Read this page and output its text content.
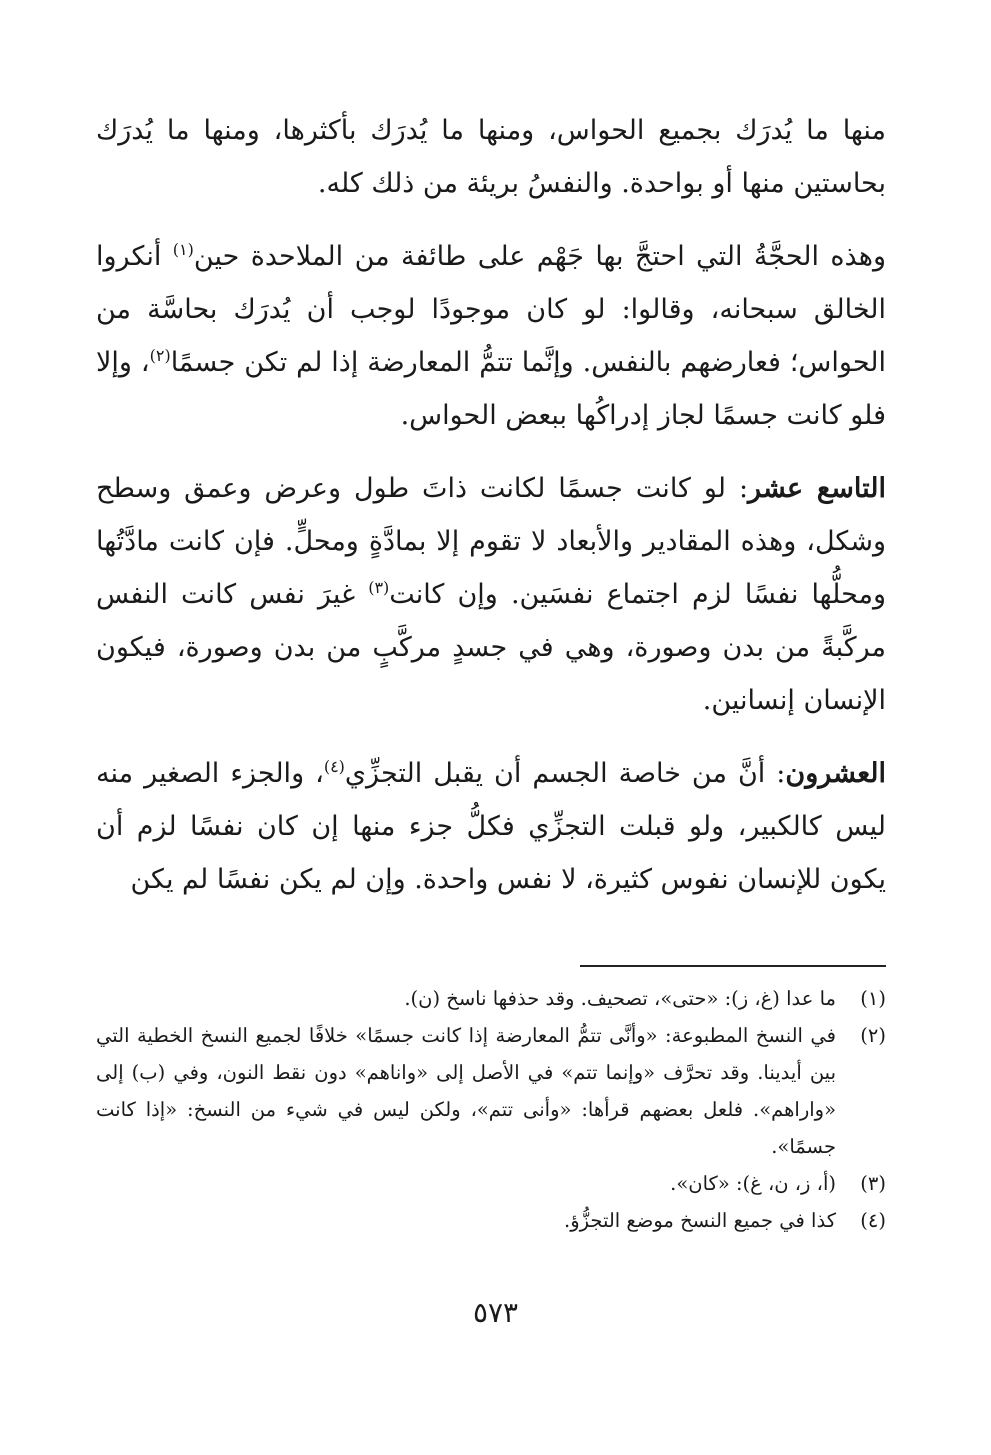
منها ما يُدرَك بجميع الحواس، ومنها ما يُدرَك بأكثرها، ومنها ما يُدرَك بحاستين منها أو بواحدة. والنفسُ بريئة من ذلك كله.

وهذه الحجَّةُ التي احتجَّ بها جَهْم على طائفة من الملاحدة حين$^{(١)}$ أنكروا الخالق سبحانه، وقالوا: لو كان موجودًا لوجب أن يُدرَك بحاسَّة من الحواس؛ فعارضهم بالنفس. وإنَّما تتمُّ المعارضة إذا لم تكن جسمًا$^{(٢)}$، وإلا فلو كانت جسمًا لجاز إدراكُها ببعض الحواس.

التاسع عشر: لو كانت جسمًا لكانت ذاتَ طول وعرض وعمق وسطح وشكل، وهذه المقادير والأبعاد لا تقوم إلا بمادَّةٍ ومحلٍّ. فإن كانت مادَّتُها ومحلُّها نفسًا لزم اجتماع نفسَين. وإن كانت$^{(٣)}$ غيرَ نفس كانت النفس مركَّبةً من بدن وصورة، وهي في جسدٍ مركَّبٍ من بدن وصورة، فيكون الإنسان إنسانين.

العشرون: أنَّ من خاصة الجسم أن يقبل التجزِّي$^{(٤)}$، والجزء الصغير منه ليس كالكبير، ولو قبلت التجزِّي فكلُّ جزء منها إن كان نفسًا لزم أن يكون للإنسان نفوس كثيرة، لا نفس واحدة. وإن لم يكن نفسًا لم يكن

(١)
ما عدا (غ، ز): «حتى»، تصحيف. وقد حذفها ناسخ (ن).
(٢)
في النسخ المطبوعة: «وأنَّى تتمُّ المعارضة إذا كانت جسمًا» خلافًا لجميع النسخ الخطية التي بين أيدينا. وقد تحرَّف «وإنما تتم» في الأصل إلى «واناهم» دون نقط النون، وفي (ب) إلى «واراهم». فلعل بعضهم قرأها: «وأنى تتم»، ولكن ليس في شيء من النسخ: «إذا كانت جسمًا».
(٣)
(أ، ز، ن، غ): «كان».
(٤)
كذا في جميع النسخ موضع التجزُّؤ.
٥٧٣
